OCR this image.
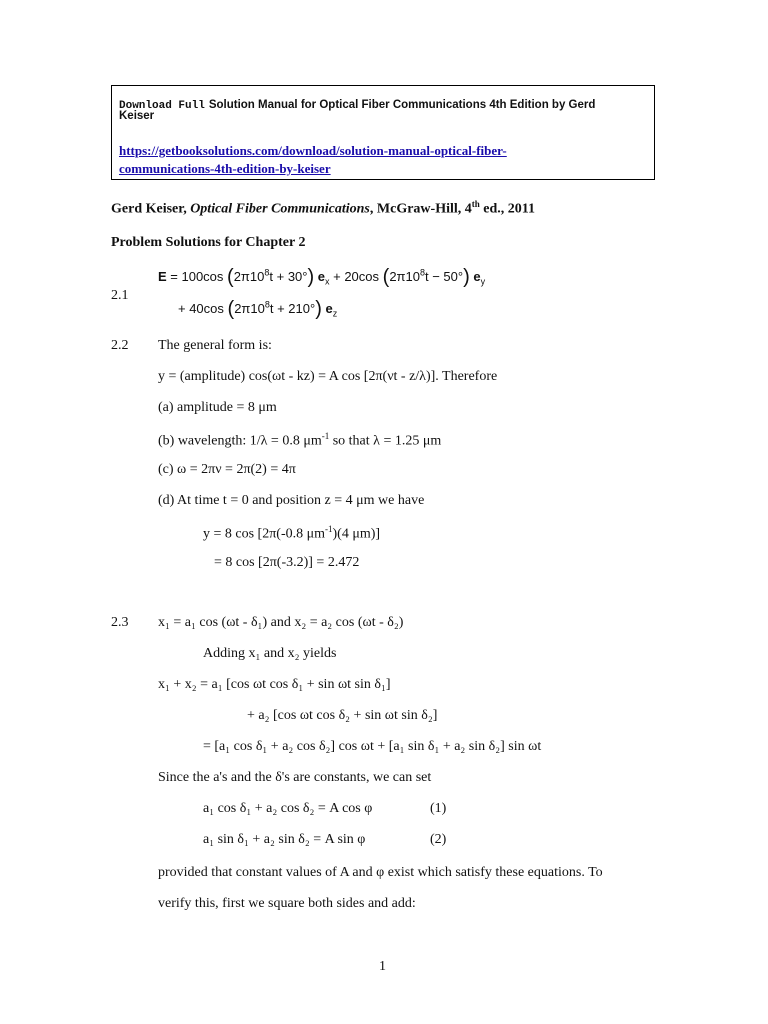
Download Full Solution Manual for Optical Fiber Communications 4th Edition by Gerd
Keiser
https://getbooksolutions.com/download/solution-manual-optical-fiber-
communications-4th-edition-by-keiser
Gerd Keiser, Optical Fiber Communications, McGraw-Hill, 4th ed., 2011
Problem Solutions for Chapter 2
2.1
E = 100cos $(2\pi 10^8t + 30^\circ) e_x + 20\cos$ $(2\pi 10^8t - 50^\circ)$ $e_y$
+ 40cos $(2\pi 10^8t + 210^\circ)$ $e_z$
2.2 The general form is:
y = (amplitude) cos(ωt - kz) = A cos [2π(νt - z/λ)]. Therefore
(a) amplitude = 8 μm
(b) wavelength: 1/λ = 0.8 $\mu m^{-1}$ so that λ = 1.25 μm
(c) ω = 2πν = 2π(2) = 4π
(d) At time t = 0 and position z = 4 μm we have
y = 8 cos [2π(-0.8 $\mu m^{-1})(4$ μm)]
= 8 cos [2π(-3.2)] = 2.472
2.3 x₁ = a₁ cos (ωt - δ₁) and x₂ = a₂ cos (ωt - δ₂)
Adding x₁ and x₂ yields
x₁ + x₂ = a₁ [cos ωt cos δ₁ + sin ωt sin δ₁]
+ a₂ [cos ωt cos δ₂ + sin ωt sin δ₂]
= [a₁ cos δ₁ + a₂ cos δ₂] cos ωt + [a₁ sin δ₁ + a₂ sin δ₂] sin ωt
Since the a's and the δ's are constants, we can set
a₁ cos δ₁ + a₂ cos δ₂ = A cos φ	(1)
a₁ sin δ₁ + a₂ sin δ₂ = A sin φ	(2)
provided that constant values of A and φ exist which satisfy these equations. To
verify this, first we square both sides and add:
1
